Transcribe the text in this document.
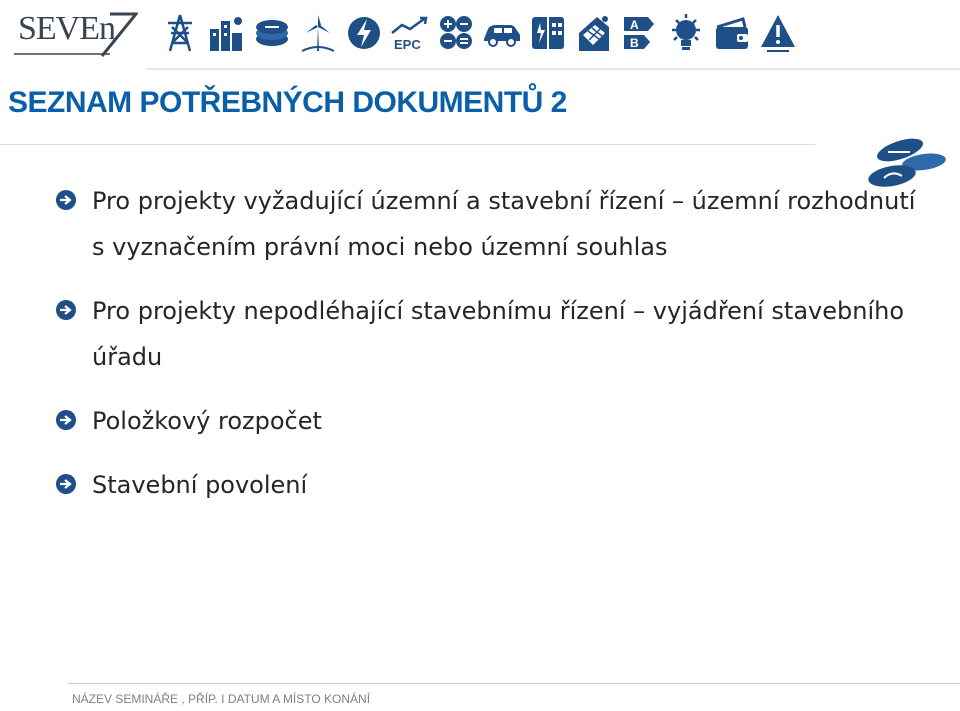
SEVEn	EPC
A
B
SEZNAM POTŘEBNÝCH DOKUMENTŮ 2
Pro projekty vyžadující územní a stavební řízení – územní rozhodnutí s vyznačením právní moci nebo územní souhlas
Pro projekty nepodléhající stavebnímu řízení – vyjádření stavebního úřadu
Položkový rozpočet
Stavební povolení
NÁZEV SEMINÁŘE , PŘÍP. I DATUM A MÍSTO KONÁNÍ
